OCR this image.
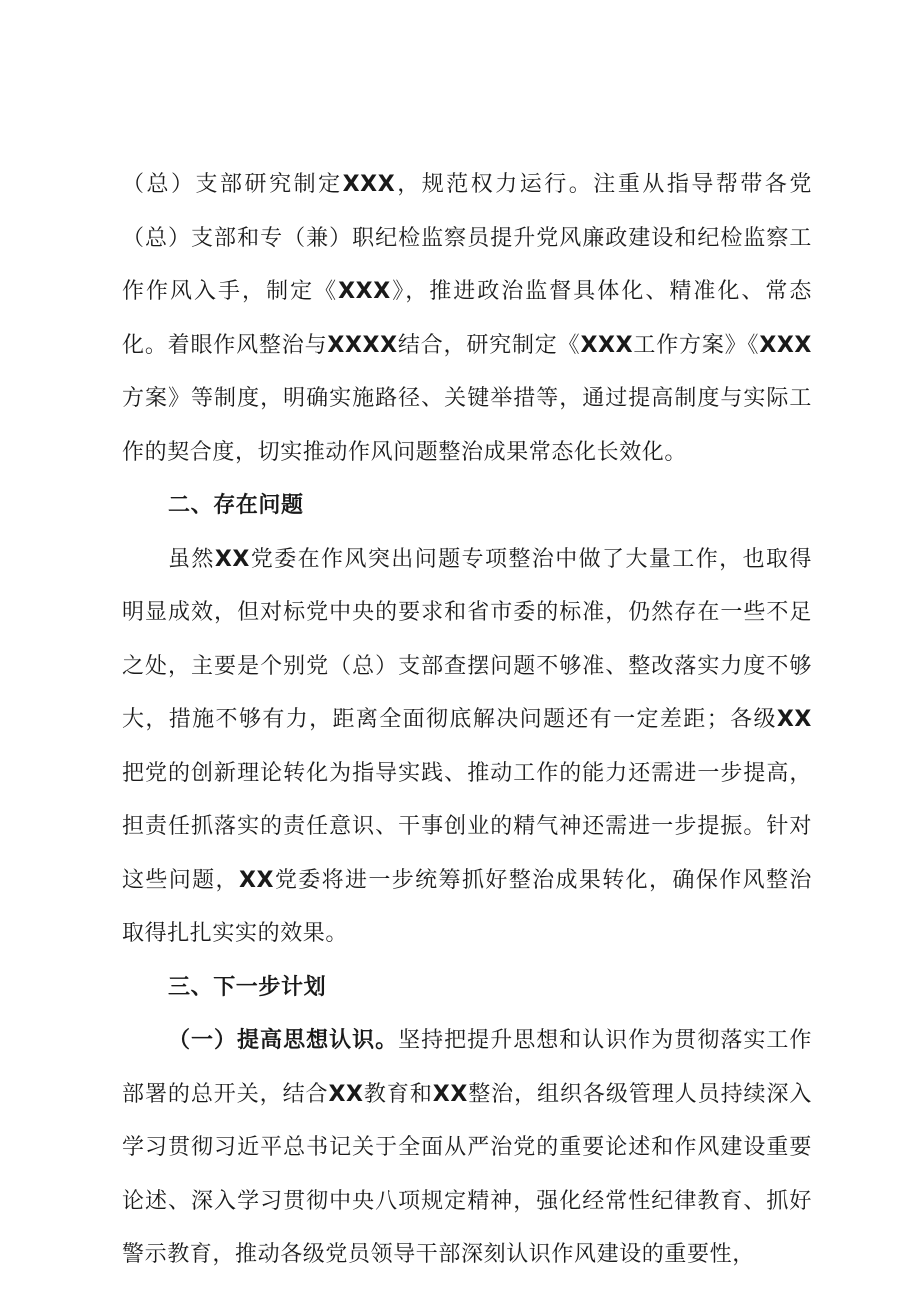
（总）支部研究制定XXX，规范权力运行。注重从指导帮带各党（总）支部和专（兼）职纪检监察员提升党风廉政建设和纪检监察工作作风入手，制定《XXX》，推进政治监督具体化、精准化、常态化。着眼作风整治与XXXX结合，研究制定《XXX工作方案》《XXX方案》等制度，明确实施路径、关键举措等，通过提高制度与实际工作的契合度，切实推动作风问题整治成果常态化长效化。

二、存在问题

虽然XX党委在作风突出问题专项整治中做了大量工作，也取得明显成效，但对标党中央的要求和省市委的标准，仍然存在一些不足之处，主要是个别党（总）支部查摆问题不够准、整改落实力度不够大，措施不够有力，距离全面彻底解决问题还有一定差距；各级XX把党的创新理论转化为指导实践、推动工作的能力还需进一步提高，担责任抓落实的责任意识、干事创业的精气神还需进一步提振。针对这些问题，XX党委将进一步统筹抓好整治成果转化，确保作风整治取得扎扎实实的效果。

三、下一步计划

（一）提高思想认识。坚持把提升思想和认识作为贯彻落实工作部署的总开关，结合XX教育和XX整治，组织各级管理人员持续深入学习贯彻习近平总书记关于全面从严治党的重要论述和作风建设重要论述、深入学习贯彻中央八项规定精神，强化经常性纪律教育、抓好警示教育，推动各级党员领导干部深刻认识作风建设的重要性，
